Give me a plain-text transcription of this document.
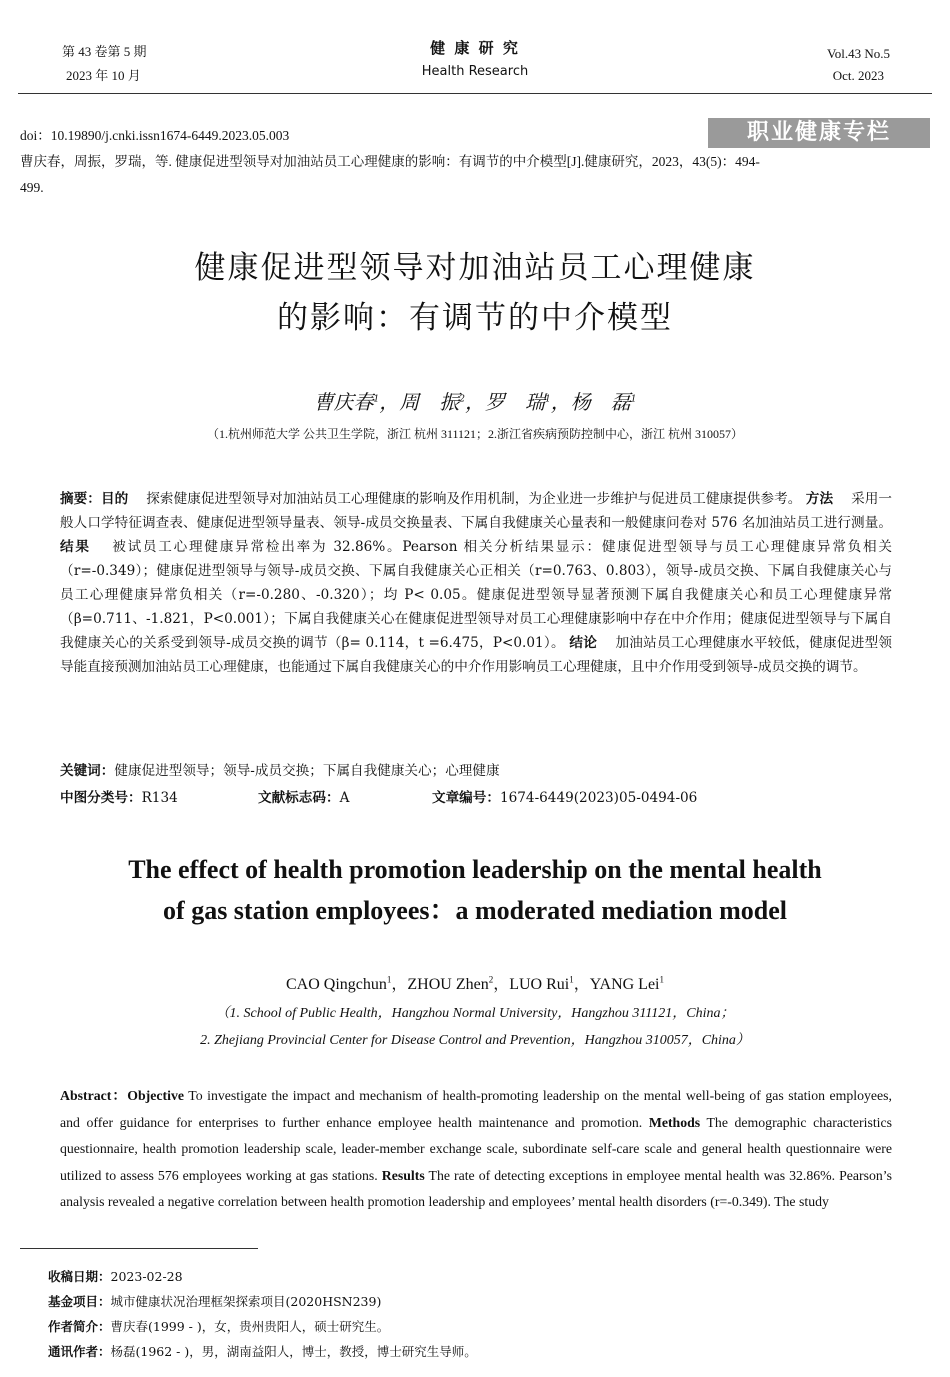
第 43 卷第 5 期
2023 年 10 月
健 康 研 究
Health Research
Vol.43 No.5
Oct. 2023
职业健康专栏
doi：10.19890/j.cnki.issn1674-6449.2023.05.003
曹庆春，周振，罗瑞，等. 健康促进型领导对加油站员工心理健康的影响：有调节的中介模型[J].健康研究，2023，43(5)：494-
499.
健康促进型领导对加油站员工心理健康
的影响：有调节的中介模型
曹庆春$^1$，周　振$^2$，罗　瑞$^1$，杨　磊$^1$
（1.杭州师范大学 公共卫生学院，浙江 杭州 311121；2.浙江省疾病预防控制中心，浙江 杭州 310057）
摘要：目的　 探索健康促进型领导对加油站员工心理健康的影响及作用机制，为企业进一步维护与促进员工健康提供参考。 方法　 采用一般人口学特征调查表、健康促进型领导量表、领导-成员交换量表、下属自我健康关心量表和一般健康问卷对 576 名加油站员工进行测量。 结果　 被试员工心理健康异常检出率为 32.86%。Pearson 相关分析结果显示：健康促进型领导与员工心理健康异常负相关（r=-0.349）；健康促进型领导与领导-成员交换、下属自我健康关心正相关（r=0.763、0.803），领导-成员交换、下属自我健康关心与员工心理健康异常负相关（r=-0.280、-0.320）；均 P< 0.05。健康促进型领导显著预测下属自我健康关心和员工心理健康异常（β=0.711、-1.821，P<0.001）；下属自我健康关心在健康促进型领导对员工心理健康影响中存在中介作用；健康促进型领导与下属自我健康关心的关系受到领导-成员交换的调节（β= 0.114，t =6.475，P<0.01）。 结论　 加油站员工心理健康水平较低，健康促进型领导能直接预测加油站员工心理健康，也能通过下属自我健康关心的中介作用影响员工心理健康，且中介作用受到领导-成员交换的调节。
关键词：健康促进型领导；领导-成员交换；下属自我健康关心；心理健康
中图分类号：R134	文献标志码：A	文章编号：1674-6449(2023)05-0494-06
The effect of health promotion leadership on the mental health
of gas station employees：a moderated mediation model
CAO Qingchun$^1$，ZHOU Zhen$^2$，LUO Rui$^1$，YANG Lei$^1$
（1. School of Public Health，Hangzhou Normal University，Hangzhou 311121，China；
2. Zhejiang Provincial Center for Disease Control and Prevention，Hangzhou 310057，China）
Abstract：Objective To investigate the impact and mechanism of health-promoting leadership on the mental well-being of gas station employees, and offer guidance for enterprises to further enhance employee health maintenance and promotion. Methods The demographic characteristics questionnaire, health promotion leadership scale, leader-member exchange scale, subordinate self-care scale and general health questionnaire were utilized to assess 576 employees working at gas stations. Results The rate of detecting exceptions in employee mental health was 32.86%. Pearson’s analysis revealed a negative correlation between health promotion leadership and employees’ mental health disorders (r=-0.349). The study
收稿日期：2023-02-28
基金项目：城市健康状况治理框架探索项目(2020HSN239)
作者简介：曹庆春(1999 - )，女，贵州贵阳人，硕士研究生。
通讯作者：杨磊(1962 - )，男，湖南益阳人，博士，教授，博士研究生导师。
